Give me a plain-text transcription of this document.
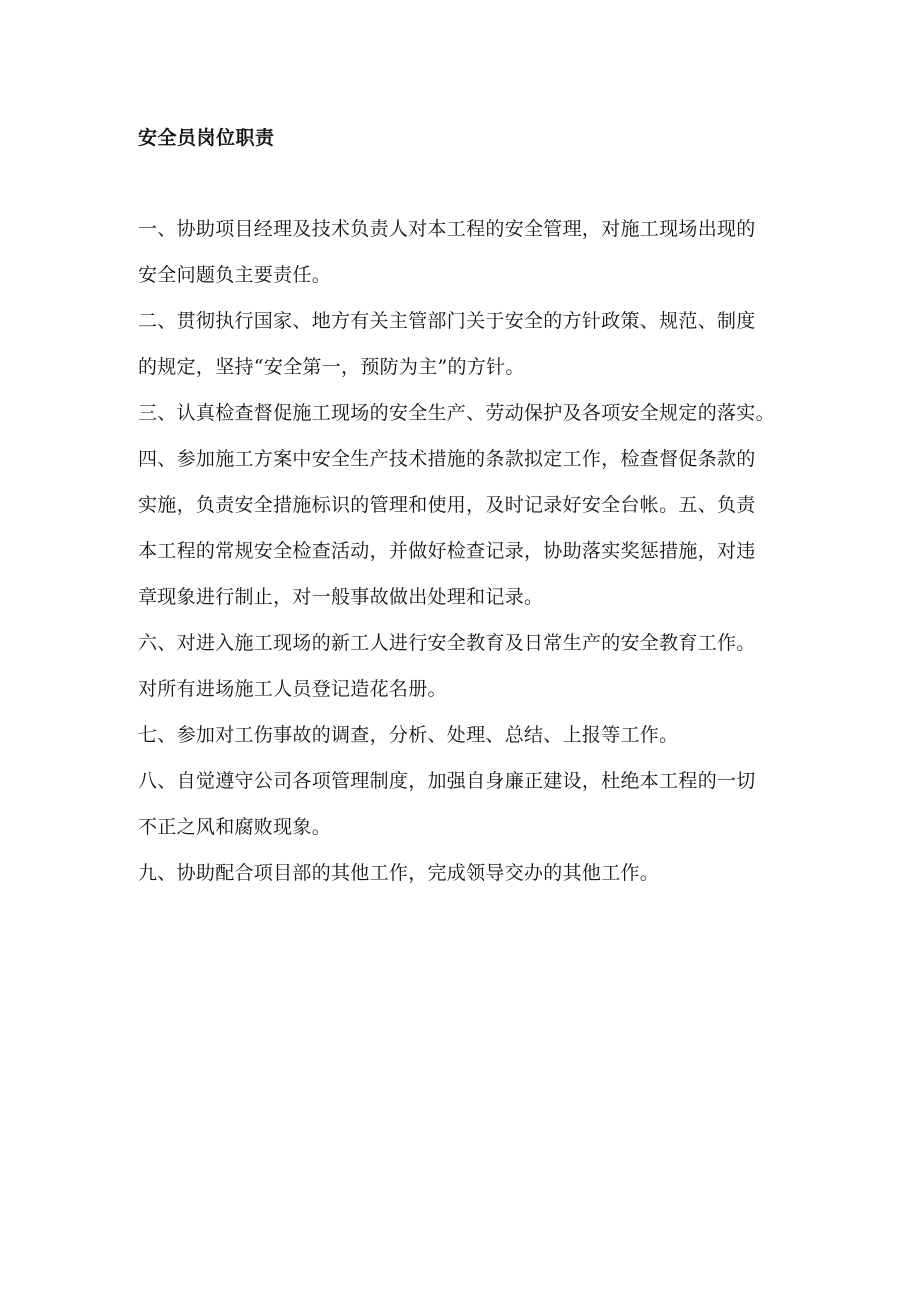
安全员岗位职责
一、协助项目经理及技术负责人对本工程的安全管理，对施工现场出现的
安全问题负主要责任。
二、贯彻执行国家、地方有关主管部门关于安全的方针政策、规范、制度
的规定，坚持“安全第一，预防为主”的方针。
三、认真检查督促施工现场的安全生产、劳动保护及各项安全规定的落实。
四、参加施工方案中安全生产技术措施的条款拟定工作，检查督促条款的
实施，负责安全措施标识的管理和使用，及时记录好安全台帐。五、负责
本工程的常规安全检查活动，并做好检查记录，协助落实奖惩措施，对违
章现象进行制止，对一般事故做出处理和记录。
六、对进入施工现场的新工人进行安全教育及日常生产的安全教育工作。
对所有进场施工人员登记造花名册。
七、参加对工伤事故的调查，分析、处理、总结、上报等工作。
八、自觉遵守公司各项管理制度，加强自身廉正建设，杜绝本工程的一切
不正之风和腐败现象。
九、协助配合项目部的其他工作，完成领导交办的其他工作。
